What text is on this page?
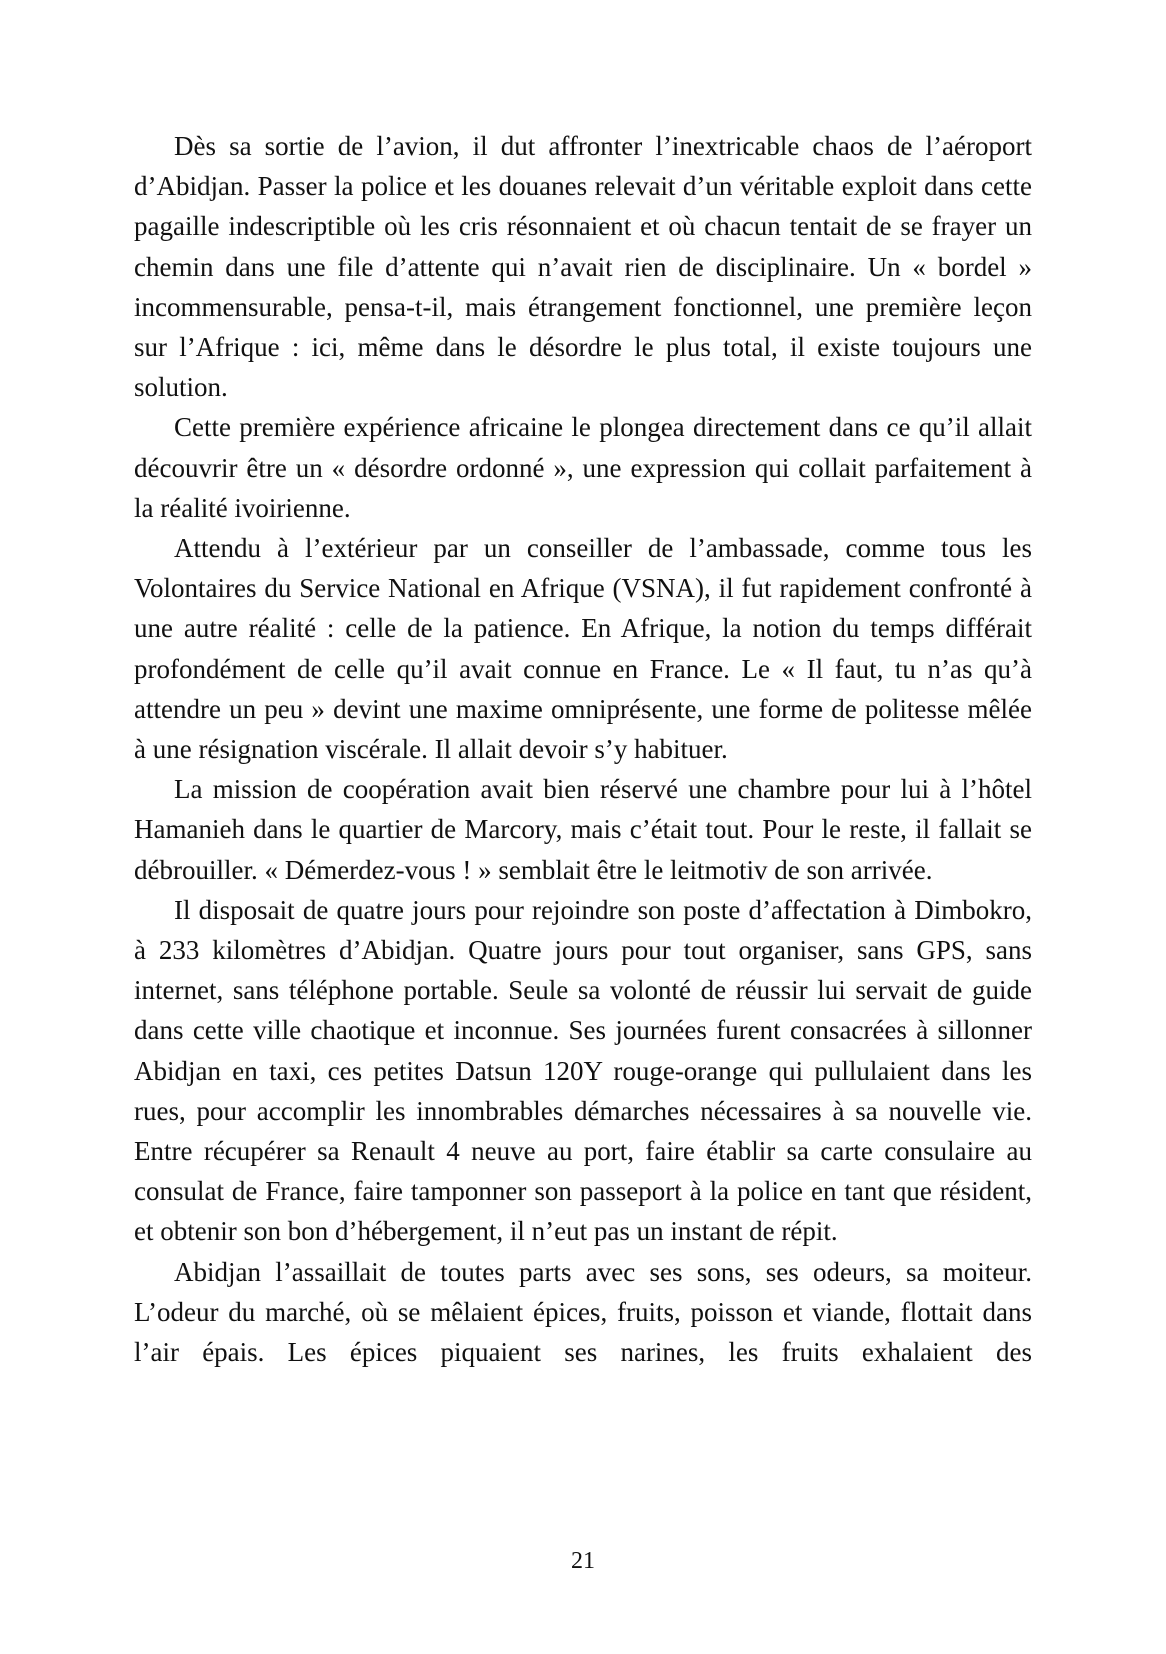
Dès sa sortie de l’avion, il dut affronter l’inextricable chaos de l’aéroport d’Abidjan. Passer la police et les douanes relevait d’un véritable exploit dans cette pagaille indescriptible où les cris résonnaient et où chacun tentait de se frayer un chemin dans une file d’attente qui n’avait rien de disciplinaire. Un « bordel » incommensurable, pensa-t-il, mais étrangement fonctionnel, une première leçon sur l’Afrique : ici, même dans le désordre le plus total, il existe toujours une solution.

Cette première expérience africaine le plongea directement dans ce qu’il allait découvrir être un « désordre ordonné », une expression qui collait parfaitement à la réalité ivoirienne.

Attendu à l’extérieur par un conseiller de l’ambassade, comme tous les Volontaires du Service National en Afrique (VSNA), il fut rapidement confronté à une autre réalité : celle de la patience. En Afrique, la notion du temps différait profondément de celle qu’il avait connue en France. Le « Il faut, tu n’as qu’à attendre un peu » devint une maxime omniprésente, une forme de politesse mêlée à une résignation viscérale. Il allait devoir s’y habituer.

La mission de coopération avait bien réservé une chambre pour lui à l’hôtel Hamanieh dans le quartier de Marcory, mais c’était tout. Pour le reste, il fallait se débrouiller. « Démerdez-vous ! » semblait être le leitmotiv de son arrivée.

Il disposait de quatre jours pour rejoindre son poste d’affectation à Dimbokro, à 233 kilomètres d’Abidjan. Quatre jours pour tout organiser, sans GPS, sans internet, sans téléphone portable. Seule sa volonté de réussir lui servait de guide dans cette ville chaotique et inconnue. Ses journées furent consacrées à sillonner Abidjan en taxi, ces petites Datsun 120Y rouge-orange qui pullulaient dans les rues, pour accomplir les innombrables démarches nécessaires à sa nouvelle vie. Entre récupérer sa Renault 4 neuve au port, faire établir sa carte consulaire au consulat de France, faire tamponner son passeport à la police en tant que résident, et obtenir son bon d’hébergement, il n’eut pas un instant de répit.

Abidjan l’assaillait de toutes parts avec ses sons, ses odeurs, sa moiteur. L’odeur du marché, où se mêlaient épices, fruits, poisson et viande, flottait dans l’air épais. Les épices piquaient ses narines, les fruits exhalaient des

21
